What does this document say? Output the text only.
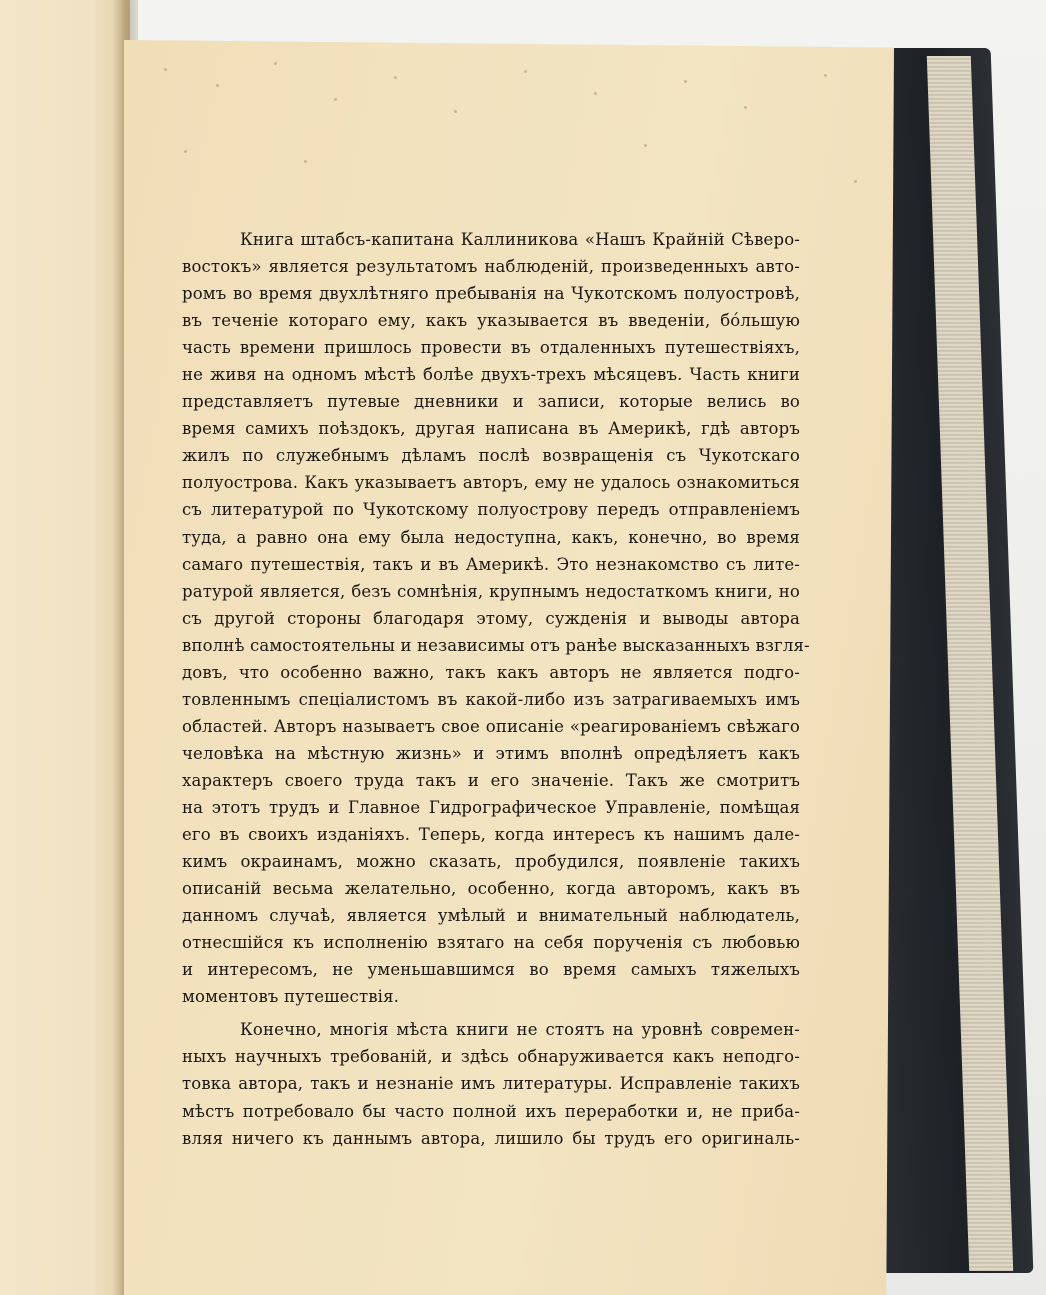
Книга штабсъ-капитана Каллиникова «Нашъ Крайнiй Сѣверо-
востокъ» является результатомъ наблюденiй, произведенныхъ авто-
ромъ во время двухлѣтняго пребыванiя на Чукотскомъ полуостровѣ,
въ теченiе котораго ему, какъ указывается въ введенiи, бóльшую
часть времени пришлось провести въ отдаленныхъ путешествiяхъ,
не живя на одномъ мѣстѣ болѣе двухъ-трехъ мѣсяцевъ. Часть книги
представляетъ путевые дневники и записи, которые велись во
время самихъ поѣздокъ, другая написана въ Америкѣ, гдѣ авторъ
жилъ по служебнымъ дѣламъ послѣ возвращенiя съ Чукотскаго
полуострова. Какъ указываетъ авторъ, ему не удалось ознакомиться
съ литературой по Чукотскому полуострову передъ отправленiемъ
туда, а равно она ему была недоступна, какъ, конечно, во время
самаго путешествiя, такъ и въ Америкѣ. Это незнакомство съ лите-
ратурой является, безъ сомнѣнiя, крупнымъ недостаткомъ книги, но
съ другой стороны благодаря этому, сужденiя и выводы автора
вполнѣ самостоятельны и независимы отъ ранѣе высказанныхъ взгля-
довъ, что особенно важно, такъ какъ авторъ не является подго-
товленнымъ спецiалистомъ въ какой-либо изъ затрагиваемыхъ имъ
областей. Авторъ называетъ свое описанiе «реагированiемъ свѣжаго
человѣка на мѣстную жизнь» и этимъ вполнѣ опредѣляетъ какъ
характеръ своего труда такъ и его значенiе. Такъ же смотритъ
на этотъ трудъ и Главное Гидрографическое Управленiе, помѣщая
его въ своихъ изданiяхъ. Теперь, когда интересъ къ нашимъ дале-
кимъ окраинамъ, можно сказать, пробудился, появленiе такихъ
описанiй весьма желательно, особенно, когда авторомъ, какъ въ
данномъ случаѣ, является умѣлый и внимательный наблюдатель,
отнесшiйся къ исполненiю взятаго на себя порученiя съ любовью
и интересомъ, не уменьшавшимся во время самыхъ тяжелыхъ
моментовъ путешествiя.
Конечно, многiя мѣста книги не стоятъ на уровнѣ современ-
ныхъ научныхъ требованiй, и здѣсь обнаруживается какъ неподго-
товка автора, такъ и незнанiе имъ литературы. Исправленiе такихъ
мѣстъ потребовало бы часто полной ихъ переработки и, не приба-
вляя ничего къ даннымъ автора, лишило бы трудъ его оригиналь-
